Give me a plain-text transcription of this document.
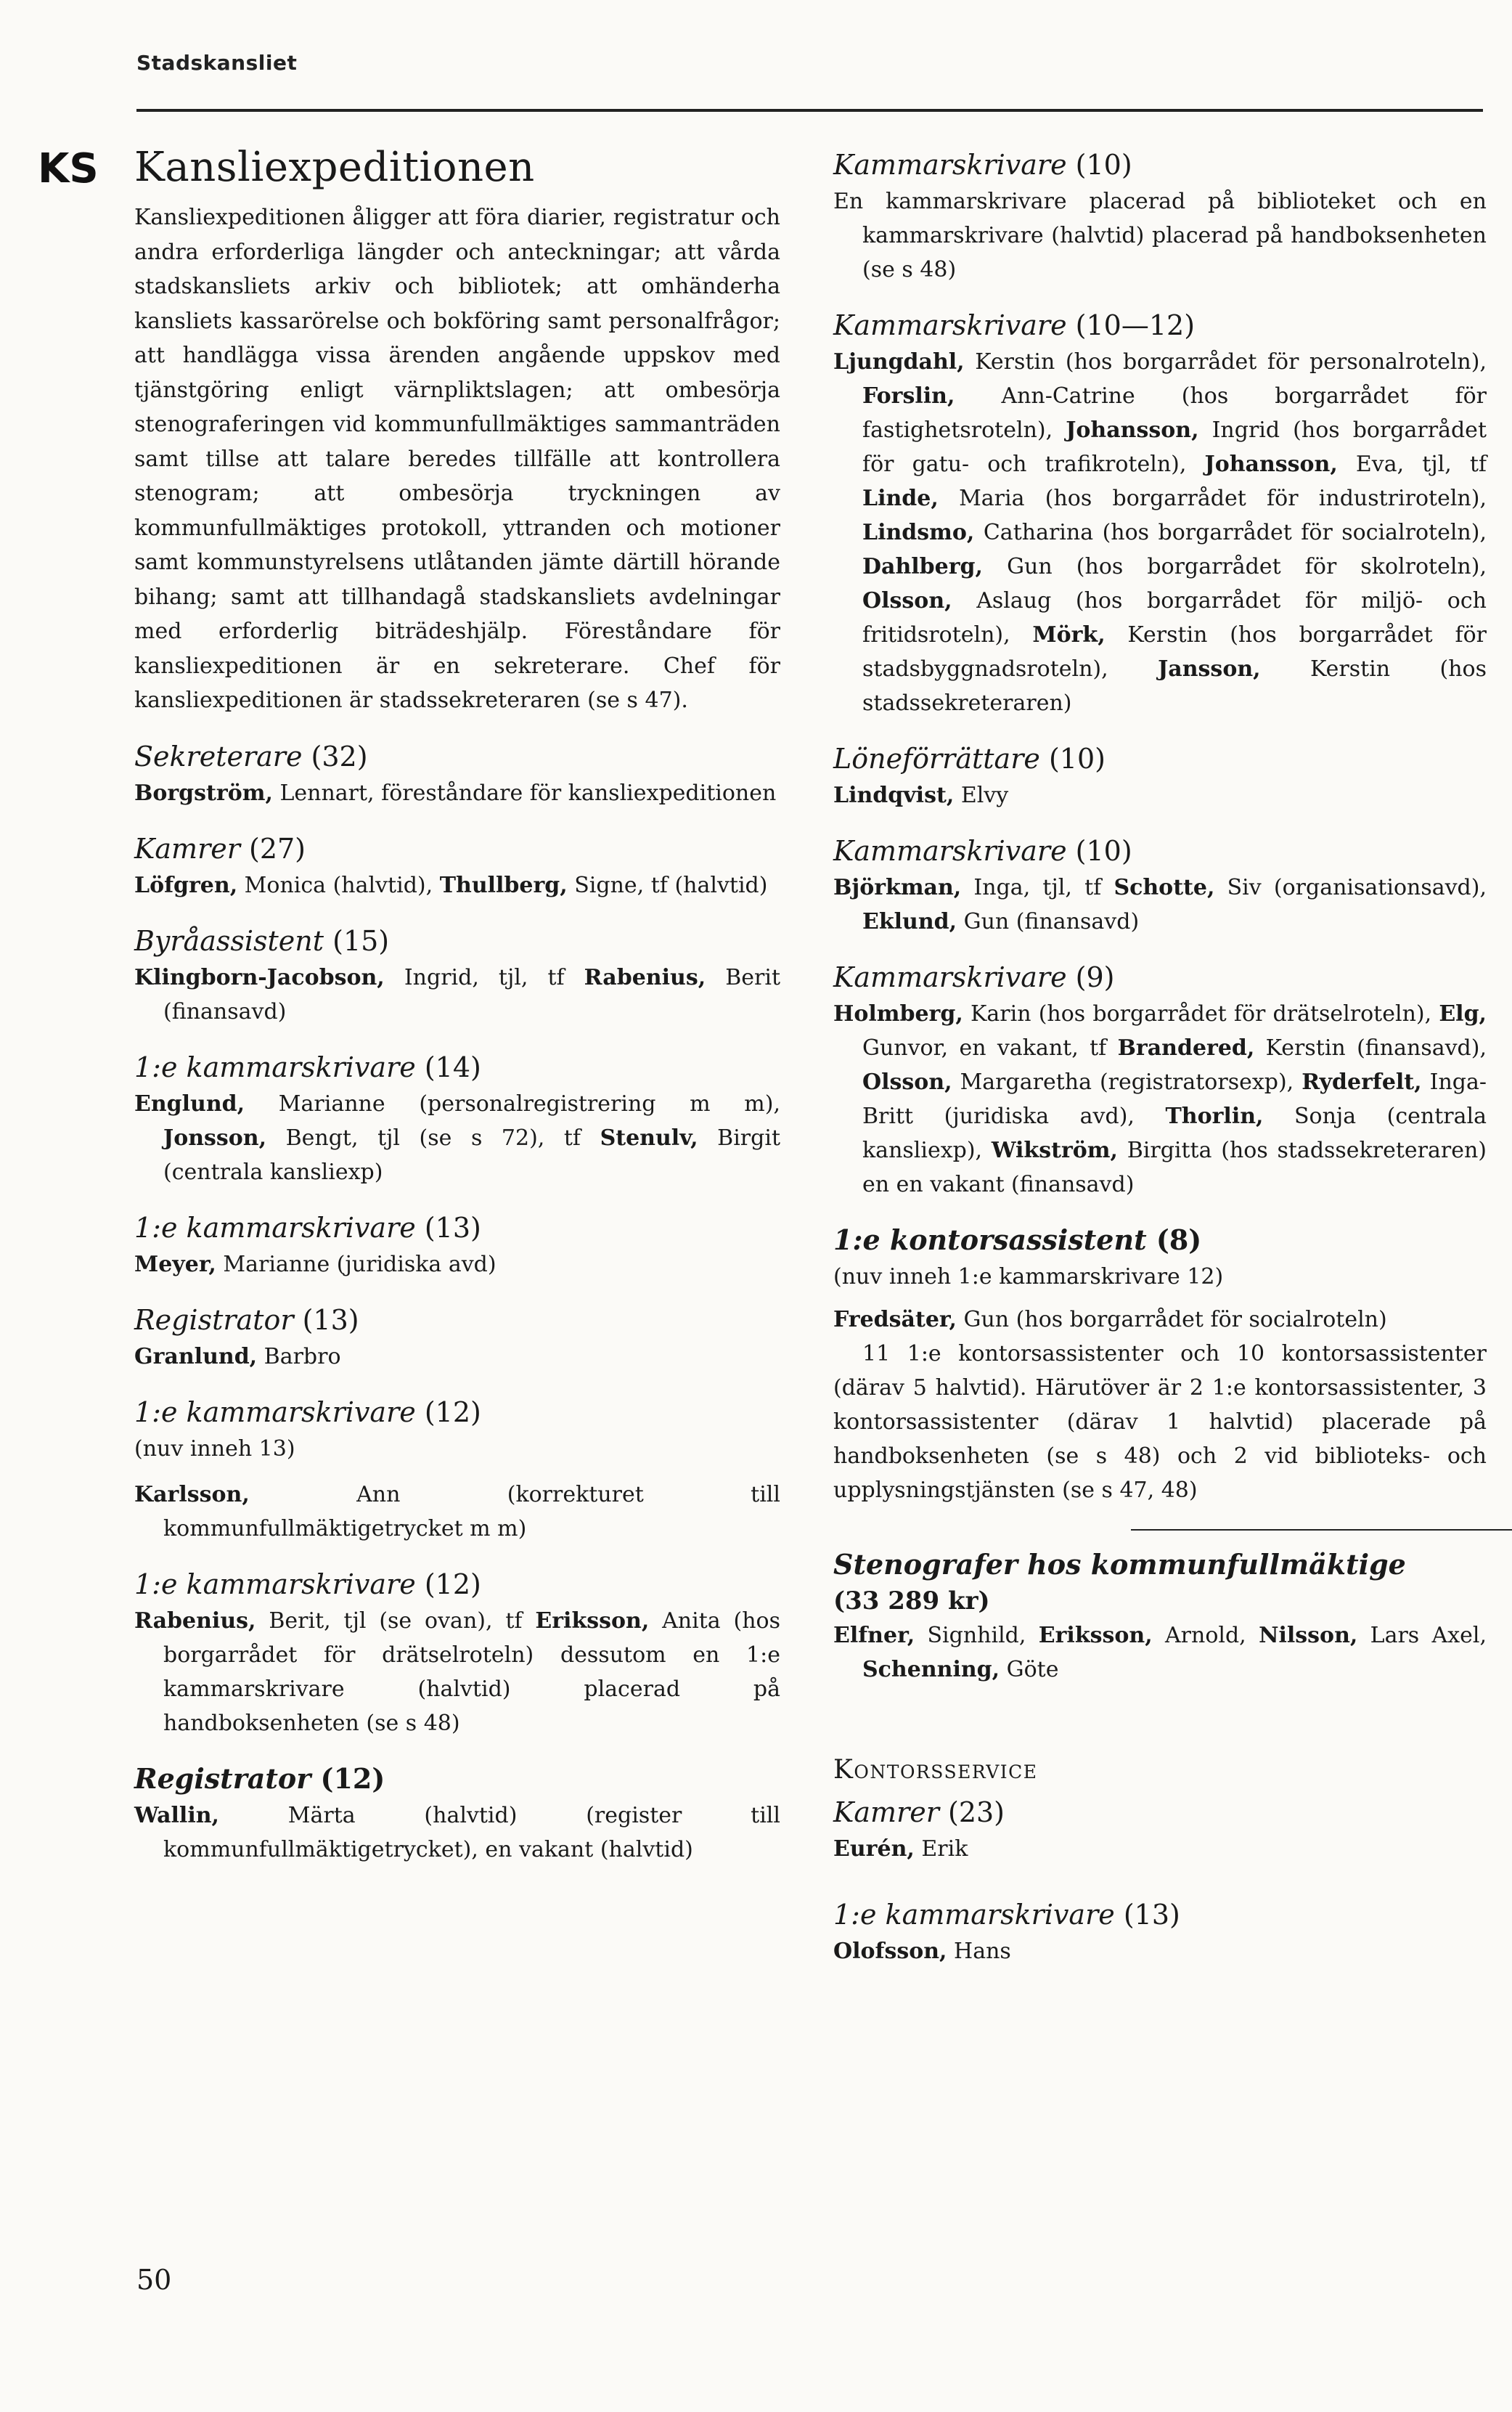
Stadskansliet
KS Kansliexpeditionen
Kansliexpeditionen åligger att föra diarier, registratur och andra erforderliga längder och anteckningar; att vårda stadskansliets arkiv och bibliotek; att omhänderha kansliets kassarörelse och bokföring samt personalfrågor; att handlägga vissa ärenden angående uppskov med tjänstgöring enligt värnpliktslagen; att ombesörja stenograferingen vid kommunfullmäktiges sammanträden samt tillse att talare beredes tillfälle att kontrollera stenogram; att ombesörja tryckningen av kommunfullmäktiges protokoll, yttranden och motioner samt kommunstyrelsens utlåtanden jämte därtill hörande bihang; samt att tillhandagå stadskansliets avdelningar med erforderlig biträdeshjälp. Föreståndare för kansliexpeditionen är en sekreterare. Chef för kansliexpeditionen är stadssekreteraren (se s 47).
Sekreterare (32)
Borgström, Lennart, föreståndare för kansliexpeditionen
Kamrer (27)
Löfgren, Monica (halvtid), Thullberg, Signe, tf (halvtid)
Byråassistent (15)
Klingborn-Jacobson, Ingrid, tjl, tf Rabenius, Berit (finansavd)
1:e kammarskrivare (14)
Englund, Marianne (personalregistrering m m), Jonsson, Bengt, tjl (se s 72), tf Stenulv, Birgit (centrala kansliexp)
1:e kammarskrivare (13)
Meyer, Marianne (juridiska avd)
Registrator (13)
Granlund, Barbro
1:e kammarskrivare (12)
(nuv inneh 13)
Karlsson, Ann (korrekturet till kommunfullmäktigetrycket m m)
1:e kammarskrivare (12)
Rabenius, Berit, tjl (se ovan), tf Eriksson, Anita (hos borgarrådet för drätselroteln) dessutom en 1:e kammarskrivare (halvtid) placerad på handboksenheten (se s 48)
Registrator (12)
Wallin, Märta (halvtid) (register till kommunfullmäktigetrycket), en vakant (halvtid)
Kammarskrivare (10)
En kammarskrivare placerad på biblioteket och en kammarskrivare (halvtid) placerad på handboksenheten (se s 48)
Kammarskrivare (10—12)
Ljungdahl, Kerstin (hos borgarrådet för personalroteln), Forslin, Ann-Catrine (hos borgarrådet för fastighetsroteln), Johansson, Ingrid (hos borgarrådet för gatu- och trafikroteln), Johansson, Eva, tjl, tf Linde, Maria (hos borgarrådet för industriroteln), Lindsmo, Catharina (hos borgarrådet för socialroteln), Dahlberg, Gun (hos borgarrådet för skolroteln), Olsson, Aslaug (hos borgarrådet för miljö- och fritidsroteln), Mörk, Kerstin (hos borgarrådet för stadsbyggnadsroteln), Jansson, Kerstin (hos stadssekreteraren)
Löneförrättare (10)
Lindqvist, Elvy
Kammarskrivare (10)
Björkman, Inga, tjl, tf Schotte, Siv (organisationsavd), Eklund, Gun (finansavd)
Kammarskrivare (9)
Holmberg, Karin (hos borgarrådet för drätselroteln), Elg, Gunvor, en vakant, tf Brandered, Kerstin (finansavd), Olsson, Margaretha (registratorsexp), Ryderfelt, Inga-Britt (juridiska avd), Thorlin, Sonja (centrala kansliexp), Wikström, Birgitta (hos stadssekreteraren) en en vakant (finansavd)
1:e kontorsassistent (8)
(nuv inneh 1:e kammarskrivare 12)
Fredsäter, Gun (hos borgarrådet för socialroteln)
11 1:e kontorsassistenter och 10 kontorsassistenter (därav 5 halvtid). Härutöver är 2 1:e kontorsassistenter, 3 kontorsassistenter (därav 1 halvtid) placerade på handboksenheten (se s 48) och 2 vid biblioteks- och upplysningstjänsten (se s 47, 48)
Stenografer hos kommunfullmäktige
(33 289 kr)
Elfner, Signhild, Eriksson, Arnold, Nilsson, Lars Axel, Schenning, Göte
Kontorsservice
Kamrer (23)
Eurén, Erik
1:e kammarskrivare (13)
Olofsson, Hans
50
